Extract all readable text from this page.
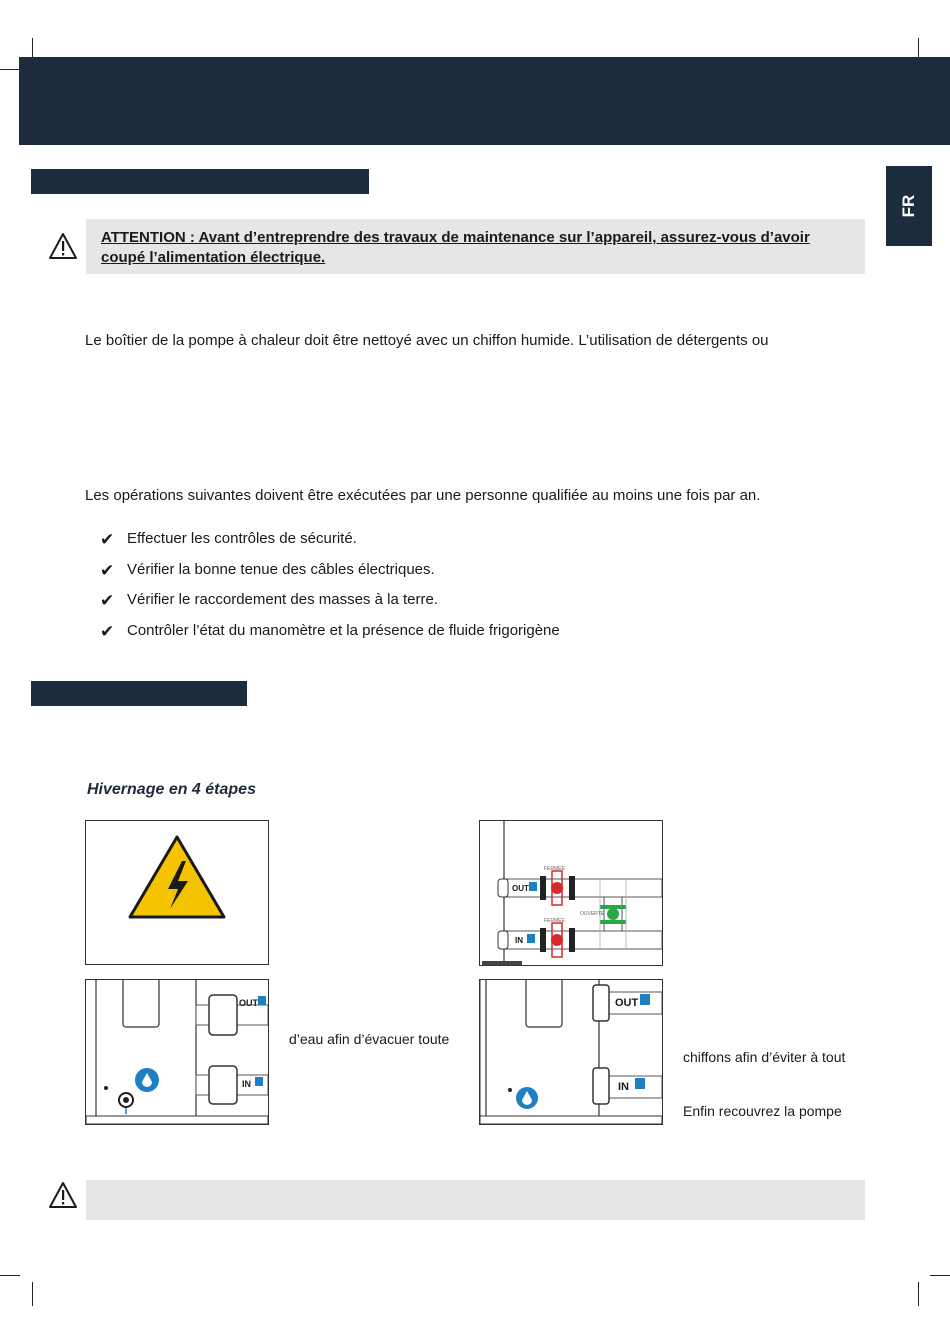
FR
ATTENTION : Avant d’entreprendre des travaux de maintenance sur l’appareil, assurez-vous d’avoir coupé l’alimentation électrique.
Le boîtier de la pompe à chaleur doit être nettoyé avec un chiffon humide. L’utilisation de détergents ou
Les opérations suivantes doivent être exécutées par une personne qualifiée au moins une fois par an.
✔ Effectuer les contrôles de sécurité.
✔ Vérifier la bonne tenue des câbles électriques.
✔ Vérifier le raccordement des masses à la terre.
✔ Contrôler l’état du manomètre et la présence de fluide frigorigène
Hivernage en 4 étapes
FERMÉE
FERMÉE
OUVERTE
OUT
IN
OUT
IN
d’eau afin d’évacuer toute
OUT
IN
chiffons afin d’éviter à tout
Enfin recouvrez la pompe
